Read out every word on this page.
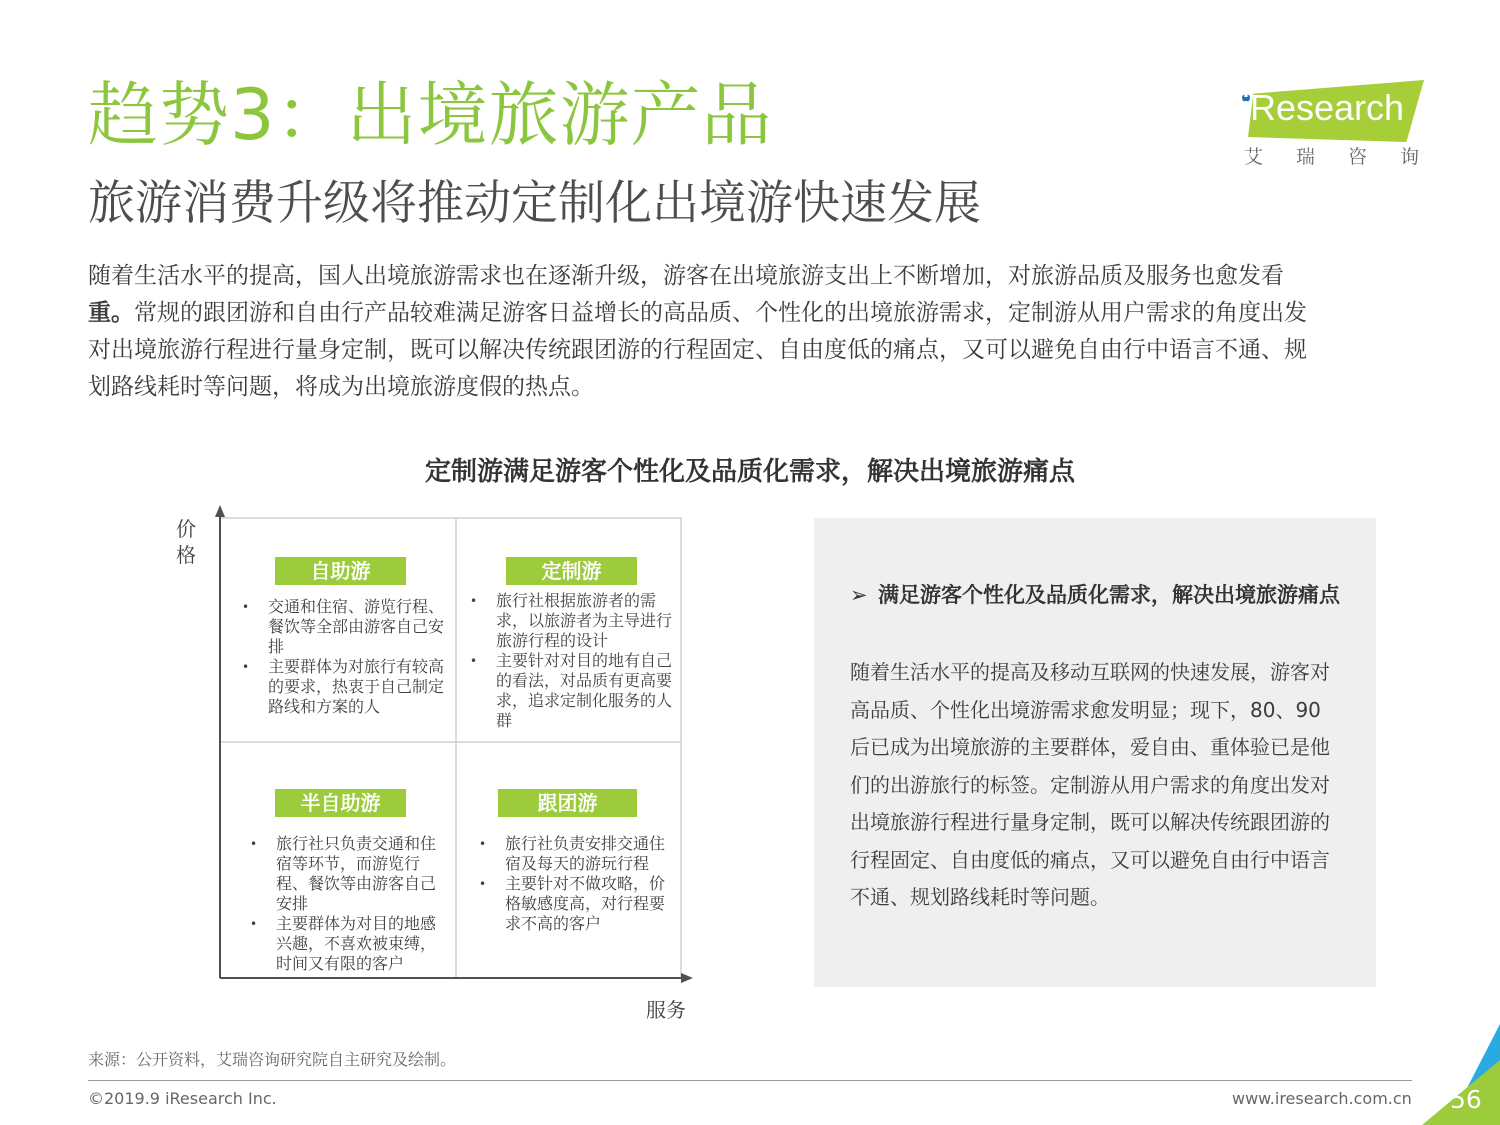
趋势3：出境旅游产品
旅游消费升级将推动定制化出境游快速发展
iResearch
艾瑞咨询
随着生活水平的提高，国人出境旅游需求也在逐渐升级，游客在出境旅游支出上不断增加，对旅游品质及服务也愈发看
重。常规的跟团游和自由行产品较难满足游客日益增长的高品质、个性化的出境旅游需求，定制游从用户需求的角度出发
对出境旅游行程进行量身定制，既可以解决传统跟团游的行程固定、自由度低的痛点，又可以避免自由行中语言不通、规
划路线耗时等问题，将成为出境旅游度假的热点。
定制游满足游客个性化及品质化需求，解决出境旅游痛点
价格
服务
自助游
• 交通和住宿、游览行程、餐饮等全部由游客自己安排
• 主要群体为对旅行有较高的要求，热衷于自己制定路线和方案的人
定制游
• 旅行社根据旅游者的需求，以旅游者为主导进行旅游行程的设计
• 主要针对对目的地有自己的看法，对品质有更高要求，追求定制化服务的人群
半自助游
• 旅行社只负责交通和住宿等环节，而游览行程、餐饮等由游客自己安排
• 主要群体为对目的地感兴趣，不喜欢被束缚，时间又有限的客户
跟团游
• 旅行社负责安排交通住宿及每天的游玩行程
• 主要针对不做攻略，价格敏感度高，对行程要求不高的客户
➢ 满足游客个性化及品质化需求，解决出境旅游痛点
随着生活水平的提高及移动互联网的快速发展，游客对高品质、个性化出境游需求愈发明显；现下，80、90后已成为出境旅游的主要群体，爱自由、重体验已是他们的出游旅行的标签。定制游从用户需求的角度出发对出境旅游行程进行量身定制，既可以解决传统跟团游的行程固定、自由度低的痛点，又可以避免自由行中语言不通、规划路线耗时等问题。
来源：公开资料，艾瑞咨询研究院自主研究及绘制。
©2019.9 iResearch Inc.	www.iresearch.com.cn 56
